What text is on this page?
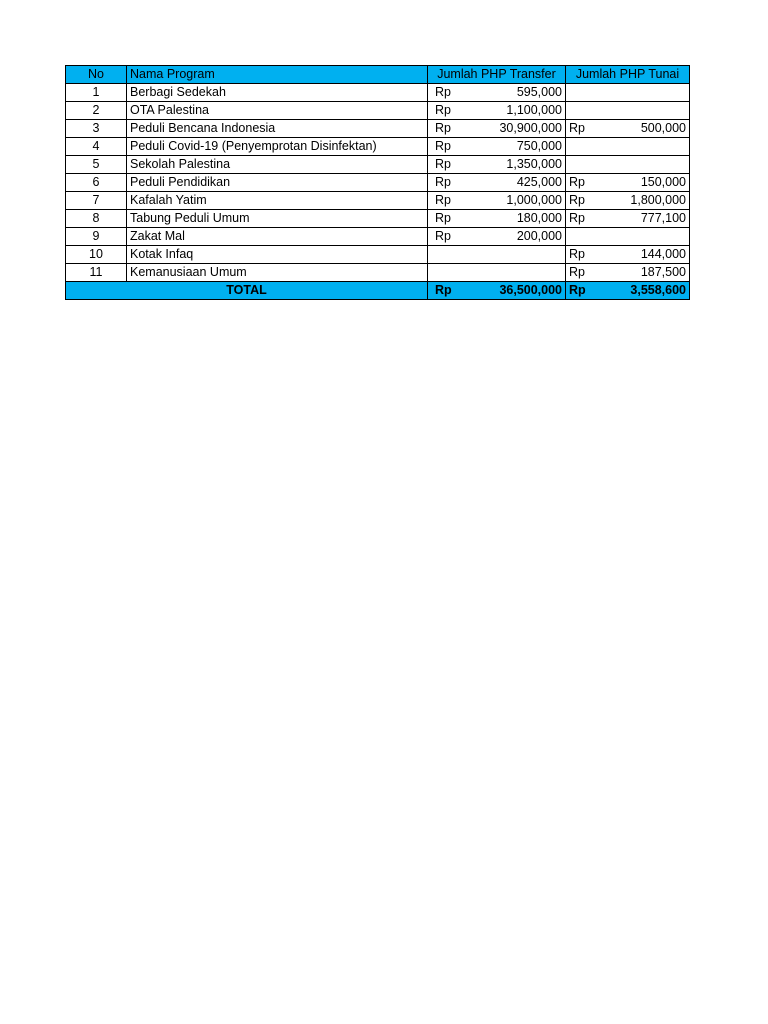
No	Nama Program	Jumlah PHP Transfer	Jumlah PHP Tunai
1	Berbagi Sedekah	Rp 595,000	

2	OTA Palestina	Rp 1,100,000	

3	Peduli Bencana Indonesia	Rp 30,900,000	Rp 500,000

4	Peduli Covid-19 (Penyemprotan Disinfektan)	Rp 750,000	

5	Sekolah Palestina	Rp 1,350,000	

6	Peduli Pendidikan	Rp 425,000	Rp 150,000

7	Kafalah Yatim	Rp 1,000,000	Rp 1,800,000

8	Tabung Peduli Umum	Rp 180,000	Rp 777,100

9	Zakat Mal	Rp 200,000	

10	Kotak Infaq		Rp 144,000

11	Kemanusiaan Umum		Rp 187,500

TOTAL		Rp 36,500,000	Rp 3,558,600
